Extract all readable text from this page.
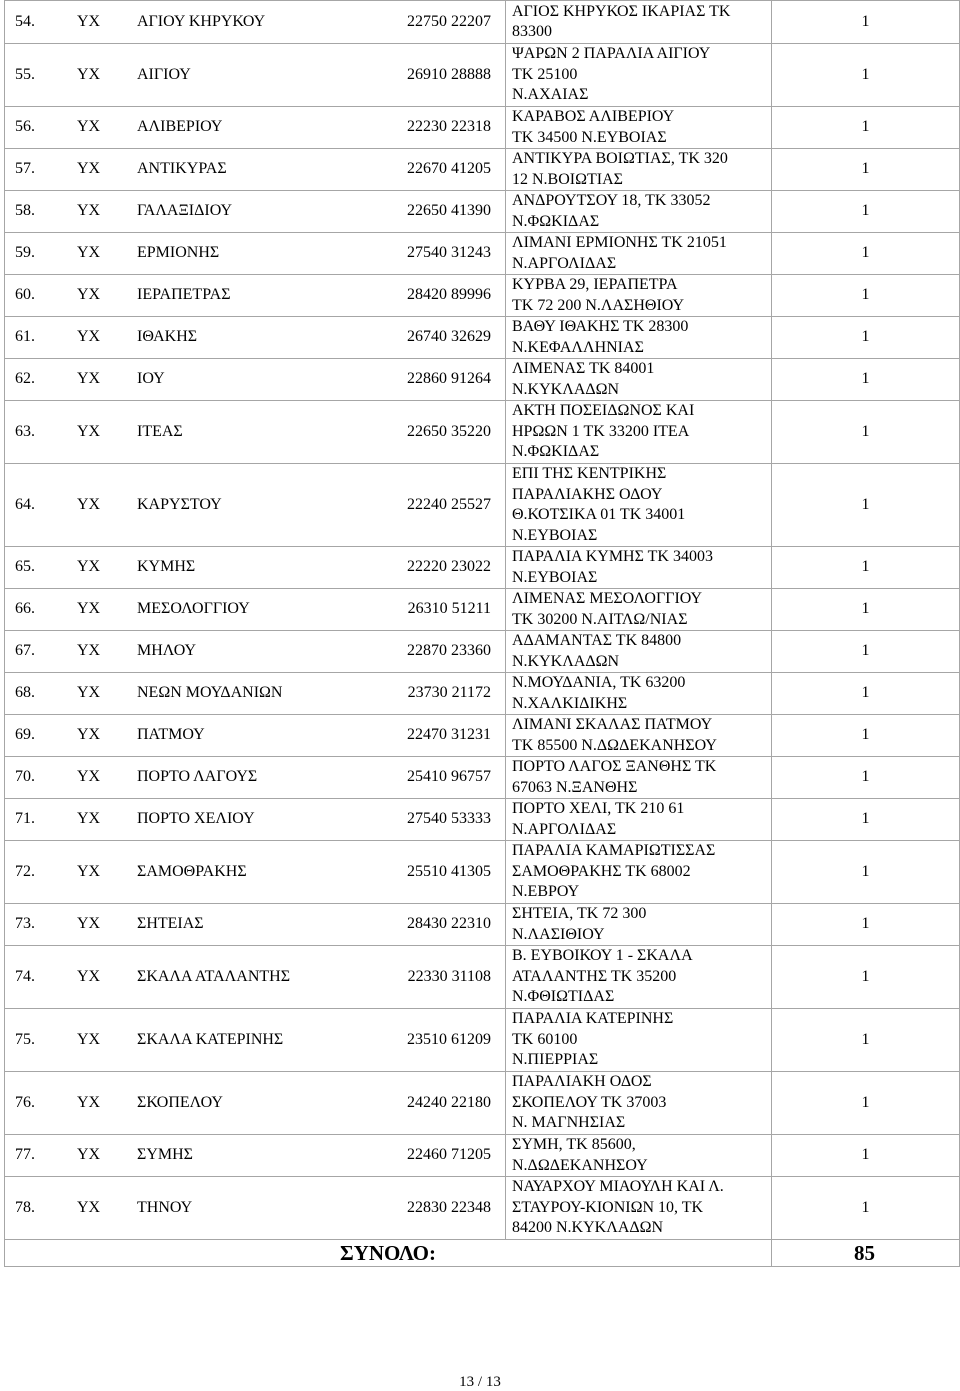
54. ΥΧ ΑΓΙΟΥ ΚΗΡΥΚΟΥ 22750 22207	ΑΓΙΟΣ ΚΗΡΥΚΟΣ ΙΚΑΡΙΑΣ ΤΚ
83300	1

55. ΥΧ ΑΙΓΙΟΥ 26910 28888	ΨΑΡΩΝ 2 ΠΑΡΑΛΙΑ ΑΙΓΙΟΥ
ΤΚ 25100
Ν.ΑΧΑΙΑΣ	1

56. ΥΧ ΑΛΙΒΕΡΙΟΥ 22230 22318	ΚΑΡΑΒΟΣ ΑΛΙΒΕΡΙΟΥ
ΤΚ 34500 Ν.ΕΥΒΟΙΑΣ	1

57. ΥΧ ΑΝΤΙΚΥΡΑΣ 22670 41205	ΑΝΤΙΚΥΡΑ ΒΟΙΩΤΙΑΣ, ΤΚ 320
12 Ν.ΒΟΙΩΤΙΑΣ	1

58. ΥΧ ΓΑΛΑΞΙΔΙΟΥ 22650 41390	ΑΝΔΡΟΥΤΣΟΥ 18, ΤΚ 33052
Ν.ΦΩΚΙΔΑΣ	1

59. ΥΧ ΕΡΜΙΟΝΗΣ 27540 31243	ΛΙΜΑΝΙ ΕΡΜΙΟΝΗΣ ΤΚ 21051
Ν.ΑΡΓΟΛΙΔΑΣ	1

60. ΥΧ ΙΕΡΑΠΕΤΡΑΣ 28420 89996	ΚΥΡΒΑ 29, ΙΕΡΑΠΕΤΡΑ
ΤΚ 72 200 Ν.ΛΑΣΗΘΙΟΥ	1

61. ΥΧ ΙΘΑΚΗΣ 26740 32629	ΒΑΘΥ ΙΘΑΚΗΣ ΤΚ 28300
Ν.ΚΕΦΑΛΛΗΝΙΑΣ	1

62. ΥΧ ΙΟΥ 22860 91264	ΛΙΜΕΝΑΣ ΤΚ 84001
Ν.ΚΥΚΛΑΔΩΝ	1

63. ΥΧ ΙΤΕΑΣ 22650 35220	ΑΚΤΗ ΠΟΣΕΙΔΩΝΟΣ ΚΑΙ
ΗΡΩΩΝ 1 ΤΚ 33200 ΙΤΕΑ
Ν.ΦΩΚΙΔΑΣ	1

64. ΥΧ ΚΑΡΥΣΤΟΥ 22240 25527	ΕΠΙ ΤΗΣ ΚΕΝΤΡΙΚΗΣ
ΠΑΡΑΛΙΑΚΗΣ ΟΔΟΥ
Θ.ΚΟΤΣΙΚΑ 01 ΤΚ 34001
Ν.ΕΥΒΟΙΑΣ	1

65. ΥΧ ΚΥΜΗΣ 22220 23022	ΠΑΡΑΛΙΑ ΚΥΜΗΣ ΤΚ 34003
Ν.ΕΥΒΟΙΑΣ	1

66. ΥΧ ΜΕΣΟΛΟΓΓΙΟΥ 26310 51211	ΛΙΜΕΝΑΣ ΜΕΣΟΛΟΓΓΙΟΥ
ΤΚ 30200 Ν.ΑΙΤΛΩ/ΝΙΑΣ	1

67. ΥΧ ΜΗΛΟΥ 22870 23360	ΑΔΑΜΑΝΤΑΣ ΤΚ 84800
Ν.ΚΥΚΛΑΔΩΝ	1

68. ΥΧ ΝΕΩΝ ΜΟΥΔΑΝΙΩΝ 23730 21172	Ν.ΜΟΥΔΑΝΙΑ, ΤΚ 63200
Ν.ΧΑΛΚΙΔΙΚΗΣ	1

69. ΥΧ ΠΑΤΜΟΥ 22470 31231	ΛΙΜΑΝΙ ΣΚΑΛΑΣ ΠΑΤΜΟΥ
ΤΚ 85500 Ν.ΔΩΔΕΚΑΝΗΣΟΥ	1

70. ΥΧ ΠΟΡΤΟ ΛΑΓΟΥΣ 25410 96757	ΠΟΡΤΟ ΛΑΓΟΣ ΞΑΝΘΗΣ ΤΚ
67063 Ν.ΞΑΝΘΗΣ	1

71. ΥΧ ΠΟΡΤΟ ΧΕΛΙΟΥ 27540 53333	ΠΟΡΤΟ ΧΕΛΙ, ΤΚ 210 61
Ν.ΑΡΓΟΛΙΔΑΣ	1

72. ΥΧ ΣΑΜΟΘΡΑΚΗΣ 25510 41305	ΠΑΡΑΛΙΑ ΚΑΜΑΡΙΩΤΙΣΣΑΣ
ΣΑΜΟΘΡΑΚΗΣ ΤΚ 68002
Ν.ΕΒΡΟΥ	1

73. ΥΧ ΣΗΤΕΙΑΣ 28430 22310	ΣΗΤΕΙΑ, ΤΚ 72 300
Ν.ΛΑΣΙΘΙΟΥ	1

74. ΥΧ ΣΚΑΛΑ ΑΤΑΛΑΝΤΗΣ 22330 31108	Β. ΕΥΒΟΙΚΟΥ 1 - ΣΚΑΛΑ
ΑΤΑΛΑΝΤΗΣ ΤΚ 35200
Ν.ΦΘΙΩΤΙΔΑΣ	1

75. ΥΧ ΣΚΑΛΑ ΚΑΤΕΡΙΝΗΣ 23510 61209	ΠΑΡΑΛΙΑ ΚΑΤΕΡΙΝΗΣ
ΤΚ 60100
Ν.ΠΙΕΡΡΙΑΣ	1

76. ΥΧ ΣΚΟΠΕΛΟΥ 24240 22180	ΠΑΡΑΛΙΑΚΗ ΟΔΟΣ
ΣΚΟΠΕΛΟΥ ΤΚ 37003
Ν. ΜΑΓΝΗΣΙΑΣ	1

77. ΥΧ ΣΥΜΗΣ 22460 71205	ΣΥΜΗ, ΤΚ 85600,
Ν.ΔΩΔΕΚΑΝΗΣΟΥ	1

78. ΥΧ ΤΗΝΟΥ 22830 22348	ΝΑΥΑΡΧΟΥ ΜΙΑΟΥΛΗ ΚΑΙ Λ.
ΣΤΑΥΡΟΥ-ΚΙΟΝΙΩΝ 10, ΤΚ
84200 Ν.ΚΥΚΛΑΔΩΝ	1
ΣΥΝΟΛΟ:		85
13 / 13
